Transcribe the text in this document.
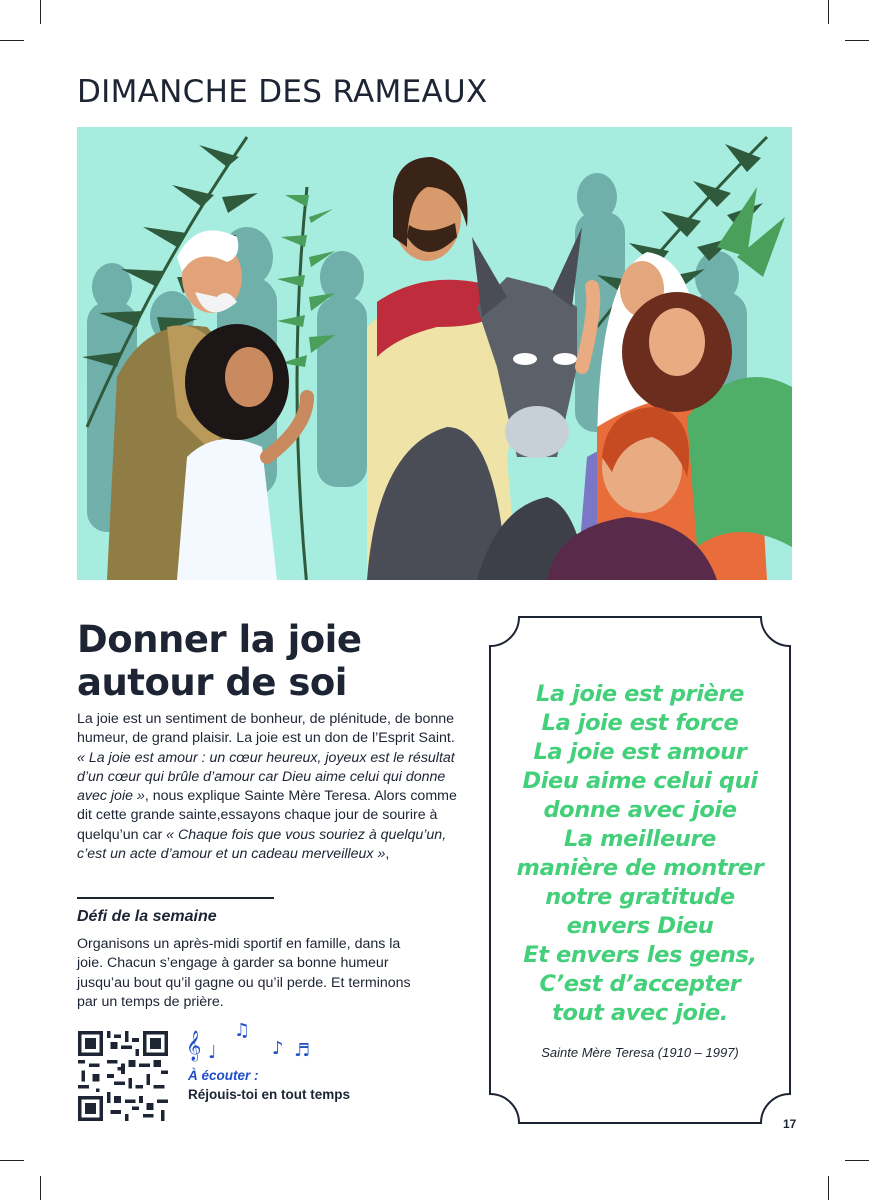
DIMANCHE DES RAMEAUX
Donner la joie autour de soi

La joie est un sentiment de bonheur, de plénitude, de bonne humeur, de grand plaisir. La joie est un don de l’Esprit Saint. « La joie est amour : un cœur heureux, joyeux est le résultat d’un cœur qui brûle d’amour car Dieu aime celui qui donne avec joie », nous explique Sainte Mère Teresa. Alors comme dit cette grande sainte,essayons chaque jour de sourire à quelqu’un car « Chaque fois que vous souriez à quelqu’un, c’est un acte d’amour et un cadeau merveilleux »,

Défi de la semaine

Organisons un après-midi sportif en famille, dans la joie. Chacun s’engage à garder sa bonne humeur jusqu’au bout qu’il gagne ou qu’il perde. Et terminons par un temps de prière.

𝄞 ♩
♫
♪ ♬

À écouter :

Réjouis-toi en tout temps

La joie est prière
La joie est force
La joie est amour
Dieu aime celui qui
donne avec joie
La meilleure
manière de montrer
notre gratitude
envers Dieu
Et envers les gens,
C’est d’accepter
tout avec joie.

Sainte Mère Teresa (1910 – 1997)

17
